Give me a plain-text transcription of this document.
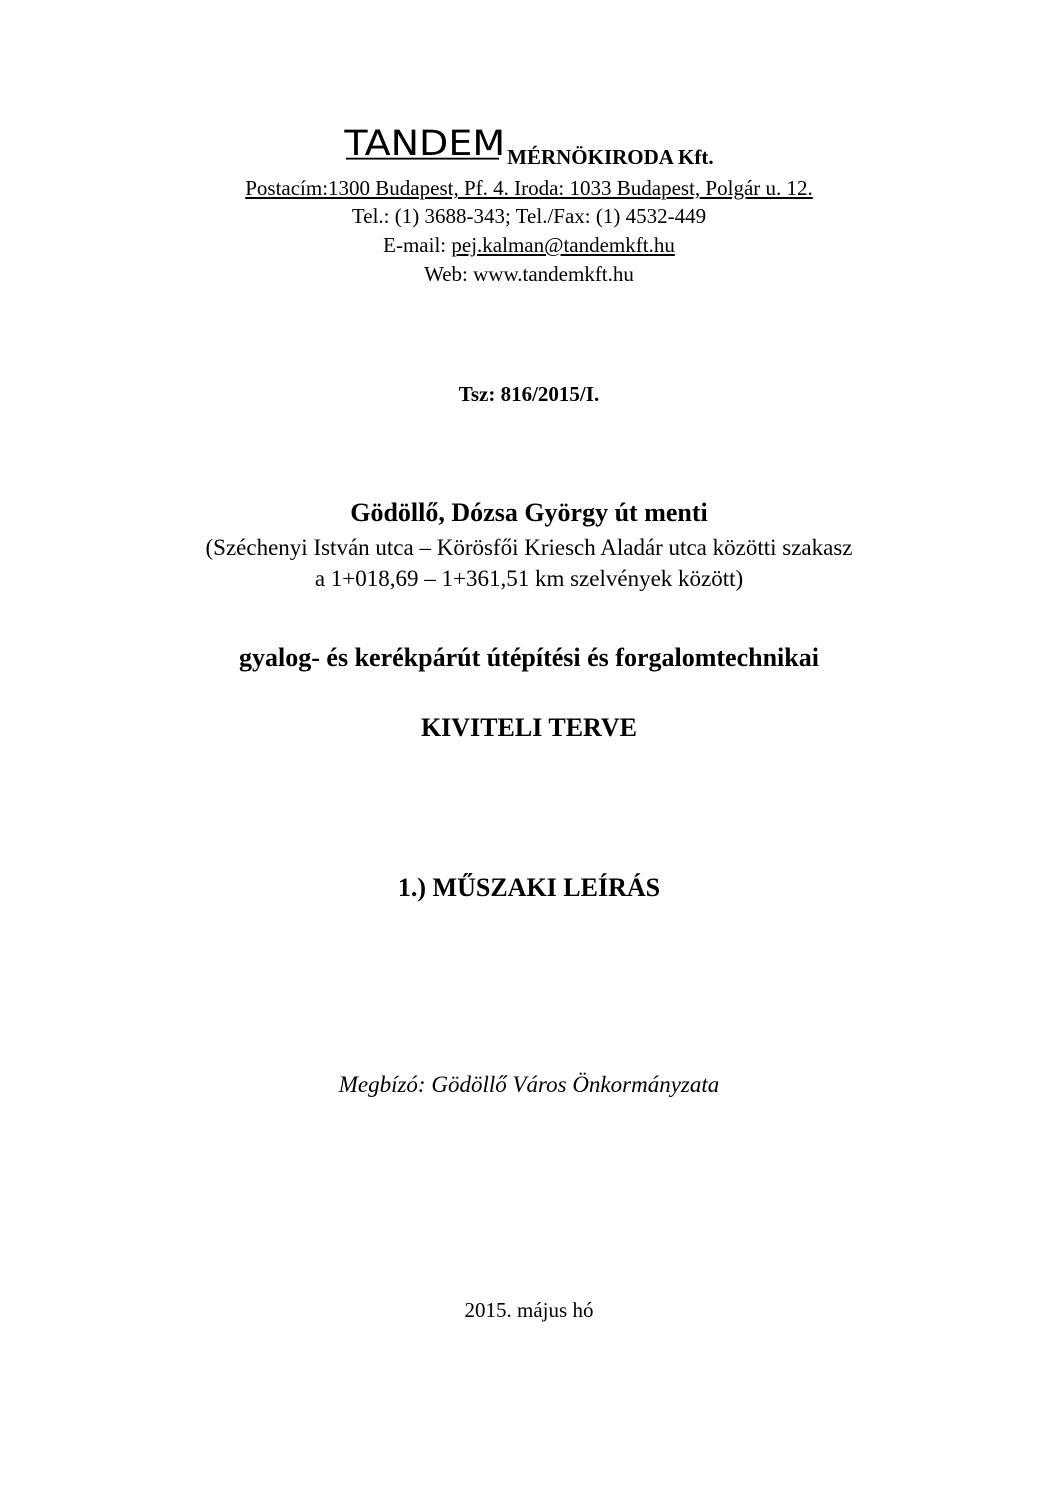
TANDEM
MÉRNÖKIRODA Kft.
Postacím:1300 Budapest, Pf. 4. Iroda: 1033 Budapest, Polgár u. 12.
Tel.: (1) 3688-343; Tel./Fax: (1) 4532-449
E-mail: pej.kalman@tandemkft.hu
Web: www.tandemkft.hu
Tsz: 816/2015/I.
Gödöllő, Dózsa György út menti
(Széchenyi István utca – Körösfői Kriesch Aladár utca közötti szakasz
a 1+018,69 – 1+361,51 km szelvények között)
gyalog- és kerékpárút útépítési és forgalomtechnikai
KIVITELI TERVE
1.) MŰSZAKI LEÍRÁS
Megbízó: Gödöllő Város Önkormányzata
2015. május hó
